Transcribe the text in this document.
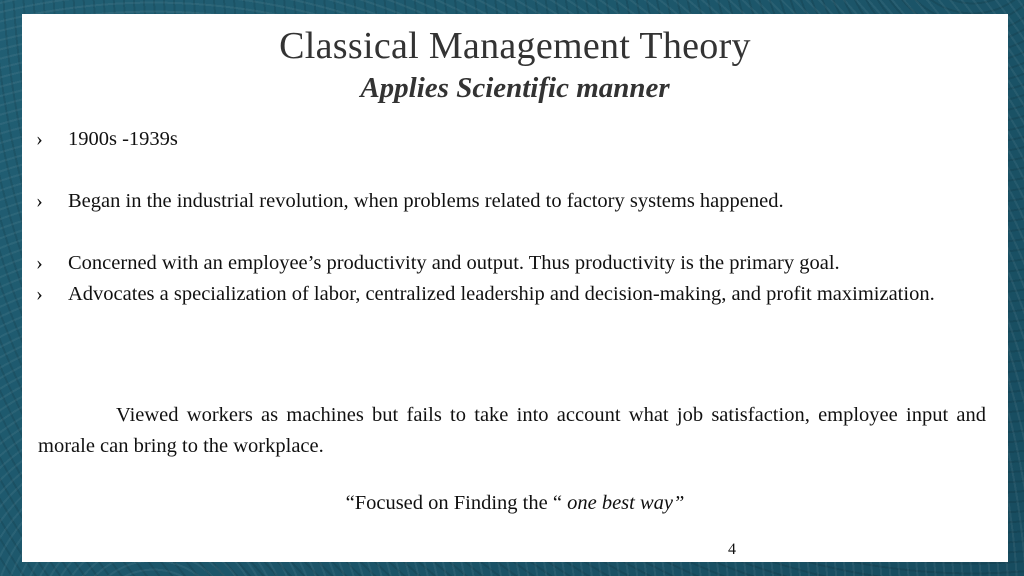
Classical Management Theory
Applies Scientific manner
›	1900s -1939s
›	Began in the industrial revolution, when problems related to factory systems happened.
›	Concerned with an employee’s productivity and output. Thus productivity is the primary goal.
›	Advocates a specialization of labor, centralized leadership and decision-making, and profit maximization.
Viewed workers as machines but fails to take into account what job satisfaction, employee input and morale can bring to the workplace.
“Focused on Finding the “ one best way”
4
